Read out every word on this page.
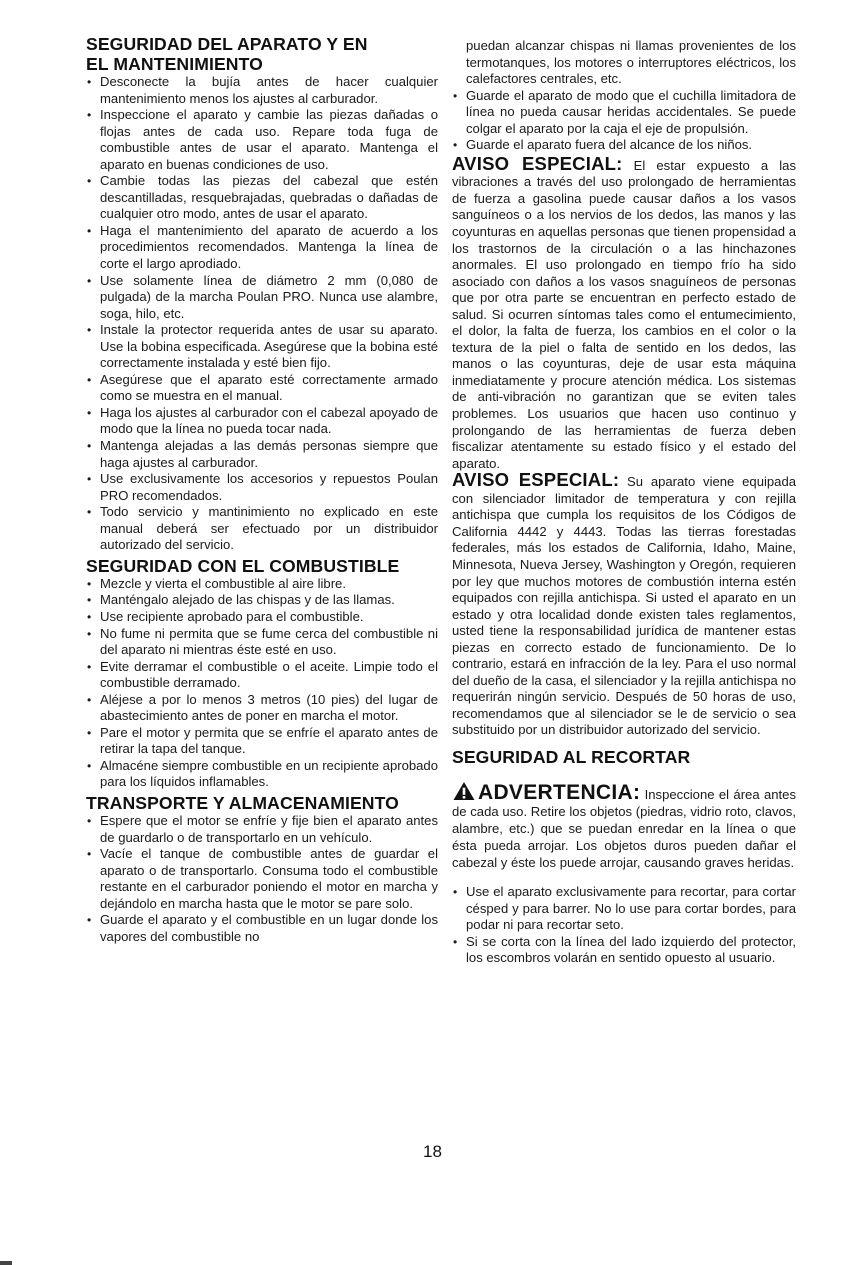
SEGURIDAD DEL APARATO Y EN
EL MANTENIMIENTO
• Desconecte la bujía antes de hacer cualquier mantenimiento menos los ajustes al carburador.
• Inspeccione el aparato y cambie las piezas dañadas o flojas antes de cada uso. Repare toda fuga de combustible antes de usar el aparato. Mantenga el aparato en buenas condiciones de uso.
• Cambie todas las piezas del cabezal que estén descantilladas, resquebrajadas, quebradas o dañadas de cualquier otro modo, antes de usar el aparato.
• Haga el mantenimiento del aparato de acuerdo a los procedimientos recomendados. Mantenga la línea de corte el largo aprodiado.
• Use solamente línea de diámetro 2 mm (0,080 de pulgada) de la marcha Poulan PRO. Nunca use alambre, soga, hilo, etc.
• Instale la protector requerida antes de usar su aparato. Use la bobina especificada. Asegúrese que la bobina esté correctamente instalada y esté bien fijo.
• Asegúrese que el aparato esté correctamente armado como se muestra en el manual.
• Haga los ajustes al carburador con el cabezal apoyado de modo que la línea no pueda tocar nada.
• Mantenga alejadas a las demás personas siempre que haga ajustes al carburador.
• Use exclusivamente los accesorios y repuestos Poulan PRO recomendados.
• Todo servicio y mantinimiento no explicado en este manual deberá ser efectuado por un distribuidor autorizado del servicio.
SEGURIDAD CON EL COMBUSTIBLE
• Mezcle y vierta el combustible al aire libre.
• Manténgalo alejado de las chispas y de las llamas.
• Use recipiente aprobado para el combustible.
• No fume ni permita que se fume cerca del combustible ni del aparato ni mientras éste esté en uso.
• Evite derramar el combustible o el aceite. Limpie todo el combustible derramado.
• Aléjese a por lo menos 3 metros (10 pies) del lugar de abastecimiento antes de poner en marcha el motor.
• Pare el motor y permita que se enfríe el aparato antes de retirar la tapa del tanque.
• Almacéne siempre combustible en un recipiente aprobado para los líquidos inflamables.
TRANSPORTE Y ALMACENAMIENTO
• Espere que el motor se enfríe y fije bien el aparato antes de guardarlo o de transportarlo en un vehículo.
• Vacíe el tanque de combustible antes de guardar el aparato o de transportarlo. Consuma todo el combustible restante en el carburador poniendo el motor en marcha y dejándolo en marcha hasta que le motor se pare solo.
• Guarde el aparato y el combustible en un lugar donde los vapores del combustible no

puedan alcanzar chispas ni llamas provenientes de los termotanques, los motores o interruptores eléctricos, los calefactores centrales, etc.

• Guarde el aparato de modo que el cuchilla limitadora de línea no pueda causar heridas accidentales. Se puede colgar el aparato por la caja el eje de propulsión.
• Guarde el aparato fuera del alcance de los niños.

AVISO ESPECIAL: El estar expuesto a las vibraciones a través del uso prolongado de herramientas de fuerza a gasolina puede causar daños a los vasos sanguíneos o a los nervios de los dedos, las manos y las coyunturas en aquellas personas que tienen propensidad a los trastornos de la circulación o a las hinchazones anormales. El uso prolongado en tiempo frío ha sido asociado con daños a los vasos snaguíneos de personas que por otra parte se encuentran en perfecto estado de salud. Si ocurren síntomas tales como el entumecimiento, el dolor, la falta de fuerza, los cambios en el color o la textura de la piel o falta de sentido en los dedos, las manos o las coyunturas, deje de usar esta máquina inmediatamente y procure atención médica. Los sistemas de anti-vibración no garantizan que se eviten tales problemes. Los usuarios que hacen uso continuo y prolongando de las herramientas de fuerza deben fiscalizar atentamente su estado físico y el estado del aparato.

AVISO ESPECIAL: Su aparato viene equipada con silenciador limitador de temperatura y con rejilla antichispa que cumpla los requisitos de los Códigos de California 4442 y 4443. Todas las tierras forestadas federales, más los estados de California, Idaho, Maine, Minnesota, Nueva Jersey, Washington y Oregón, requieren por ley que muchos motores de combustión interna estén equipados con rejilla antichispa. Si usted el aparato en un estado y otra localidad donde existen tales reglamentos, usted tiene la responsabilidad jurídica de mantener estas piezas en correcto estado de funcionamiento. De lo contrario, estará en infracción de la ley. Para el uso normal del dueño de la casa, el silenciador y la rejilla antichispa no requerirán ningún servicio. Después de 50 horas de uso, recomendamos que al silenciador se le de servicio o sea substituido por un distribuidor autorizado del servicio.

SEGURIDAD AL RECORTAR

ADVERTENCIA: Inspeccione el área antes de cada uso. Retire los objetos (piedras, vidrio roto, clavos, alambre, etc.) que se puedan enredar en la línea o que ésta pueda arrojar. Los objetos duros pueden dañar el cabezal y éste los puede arrojar, causando graves heridas.

• Use el aparato exclusivamente para recortar, para cortar césped y para barrer. No lo use para cortar bordes, para podar ni para recortar seto.
• Si se corta con la línea del lado izquierdo del protector, los escombros volarán en sentido opuesto al usuario.
18
